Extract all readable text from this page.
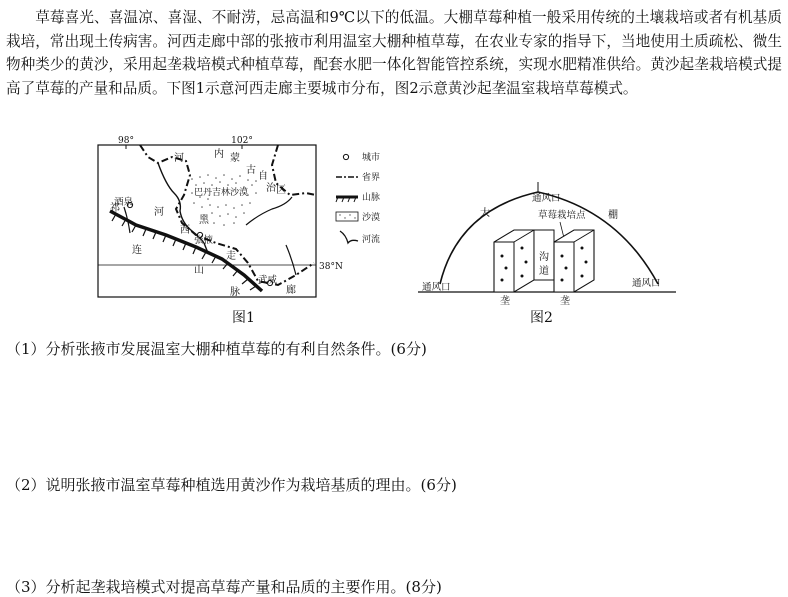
草莓喜光、喜温凉、喜湿、不耐涝，忌高温和9℃以下的低温。大棚草莓种植一般采用传统的土壤栽培或者有机基质栽培，常出现土传病害。河西走廊中部的张掖市利用温室大棚种植草莓，在农业专家的指导下，当地使用土质疏松、微生物种类少的黄沙，采用起垄栽培模式种植草莓，配套水肥一体化智能管控系统，实现水肥精准供给。黄沙起垄栽培模式提高了草莓的产量和品质。下图1示意河西走廊主要城市分布，图2示意黄沙起垄温室栽培草莓模式。

98°	102°
38°N
河	内 蒙
古
自
治 区
巴丹吉林沙漠
祁
酒泉
河
黑
西
张掖
连
走
山
脉
武威
廊
城市
省界
山脉
沙漠
河流
图1
通风口
大	棚
草莓栽培点
沟
道
垄	垄
通风口	通风口
图2
（1）分析张掖市发展温室大棚种植草莓的有利自然条件。(6分)
（2）说明张掖市温室草莓种植选用黄沙作为栽培基质的理由。(6分)
（3）分析起垄栽培模式对提高草莓产量和品质的主要作用。(8分)
